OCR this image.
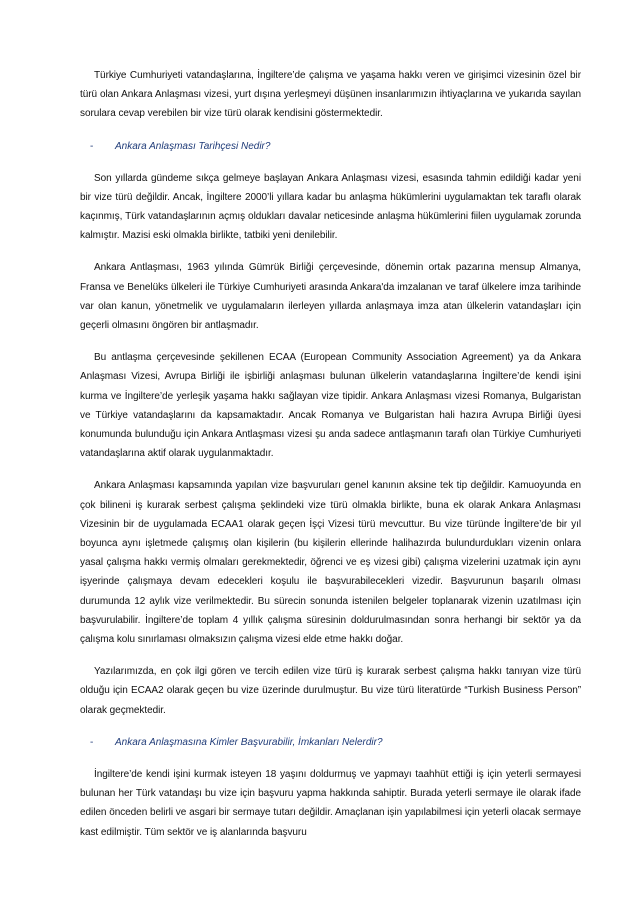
Türkiye Cumhuriyeti vatandaşlarına, İngiltere’de çalışma ve yaşama hakkı veren ve girişimci vizesinin özel bir türü olan Ankara Anlaşması vizesi, yurt dışına yerleşmeyi düşünen insanlarımızın ihtiyaçlarına ve yukarıda sayılan sorulara cevap verebilen bir vize türü olarak kendisini göstermektedir.

-	Ankara Anlaşması Tarihçesi Nedir?

Son yıllarda gündeme sıkça gelmeye başlayan Ankara Anlaşması vizesi, esasında tahmin edildiği kadar yeni bir vize türü değildir. Ancak, İngiltere 2000’li yıllara kadar bu anlaşma hükümlerini uygulamaktan tek taraflı olarak kaçınmış, Türk vatandaşlarının açmış oldukları davalar neticesinde anlaşma hükümlerini fiilen uygulamak zorunda kalmıştır. Mazisi eski olmakla birlikte, tatbiki yeni denilebilir.

Ankara Antlaşması, 1963 yılında Gümrük Birliği çerçevesinde, dönemin ortak pazarına mensup Almanya, Fransa ve Benelüks ülkeleri ile Türkiye Cumhuriyeti arasında Ankara'da imzalanan ve taraf ülkelere imza tarihinde var olan kanun, yönetmelik ve uygulamaların ilerleyen yıllarda anlaşmaya imza atan ülkelerin vatandaşları için geçerli olmasını öngören bir antlaşmadır.

Bu antlaşma çerçevesinde şekillenen ECAA (European Community Association Agreement) ya da Ankara Anlaşması Vizesi, Avrupa Birliği ile işbirliği anlaşması bulunan ülkelerin vatandaşlarına İngiltere’de kendi işini kurma ve İngiltere’de yerleşik yaşama hakkı sağlayan vize tipidir. Ankara Anlaşması vizesi Romanya, Bulgaristan ve Türkiye vatandaşlarını da kapsamaktadır. Ancak Romanya ve Bulgaristan hali hazıra Avrupa Birliği üyesi konumunda bulunduğu için Ankara Antlaşması vizesi şu anda sadece antlaşmanın tarafı olan Türkiye Cumhuriyeti vatandaşlarına aktif olarak uygulanmaktadır.

Ankara Anlaşması kapsamında yapılan vize başvuruları genel kanının aksine tek tip değildir. Kamuoyunda en çok bilineni iş kurarak serbest çalışma şeklindeki vize türü olmakla birlikte, buna ek olarak Ankara Anlaşması Vizesinin bir de uygulamada ECAA1 olarak geçen İşçi Vizesi türü mevcuttur. Bu vize türünde İngiltere’de bir yıl boyunca aynı işletmede çalışmış olan kişilerin (bu kişilerin ellerinde halihazırda bulundurdukları vizenin onlara yasal çalışma hakkı vermiş olmaları gerekmektedir, öğrenci ve eş vizesi gibi) çalışma vizelerini uzatmak için aynı işyerinde çalışmaya devam edecekleri koşulu ile başvurabilecekleri vizedir. Başvurunun başarılı olması durumunda 12 aylık vize verilmektedir. Bu sürecin sonunda istenilen belgeler toplanarak vizenin uzatılması için başvurulabilir. İngiltere’de toplam 4 yıllık çalışma süresinin doldurulmasından sonra herhangi bir sektör ya da çalışma kolu sınırlaması olmaksızın çalışma vizesi elde etme hakkı doğar.

Yazılarımızda, en çok ilgi gören ve tercih edilen vize türü iş kurarak serbest çalışma hakkı tanıyan vize türü olduğu için ECAA2 olarak geçen bu vize üzerinde durulmuştur. Bu vize türü literatürde “Turkish Business Person” olarak geçmektedir.

-	Ankara Anlaşmasına Kimler Başvurabilir, İmkanları Nelerdir?

İngiltere’de kendi işini kurmak isteyen 18 yaşını doldurmuş ve yapmayı taahhüt ettiği iş için yeterli sermayesi bulunan her Türk vatandaşı bu vize için başvuru yapma hakkında sahiptir. Burada yeterli sermaye ile olarak ifade edilen önceden belirli ve asgari bir sermaye tutarı değildir. Amaçlanan işin yapılabilmesi için yeterli olacak sermaye kast edilmiştir. Tüm sektör ve iş alanlarında başvuru
